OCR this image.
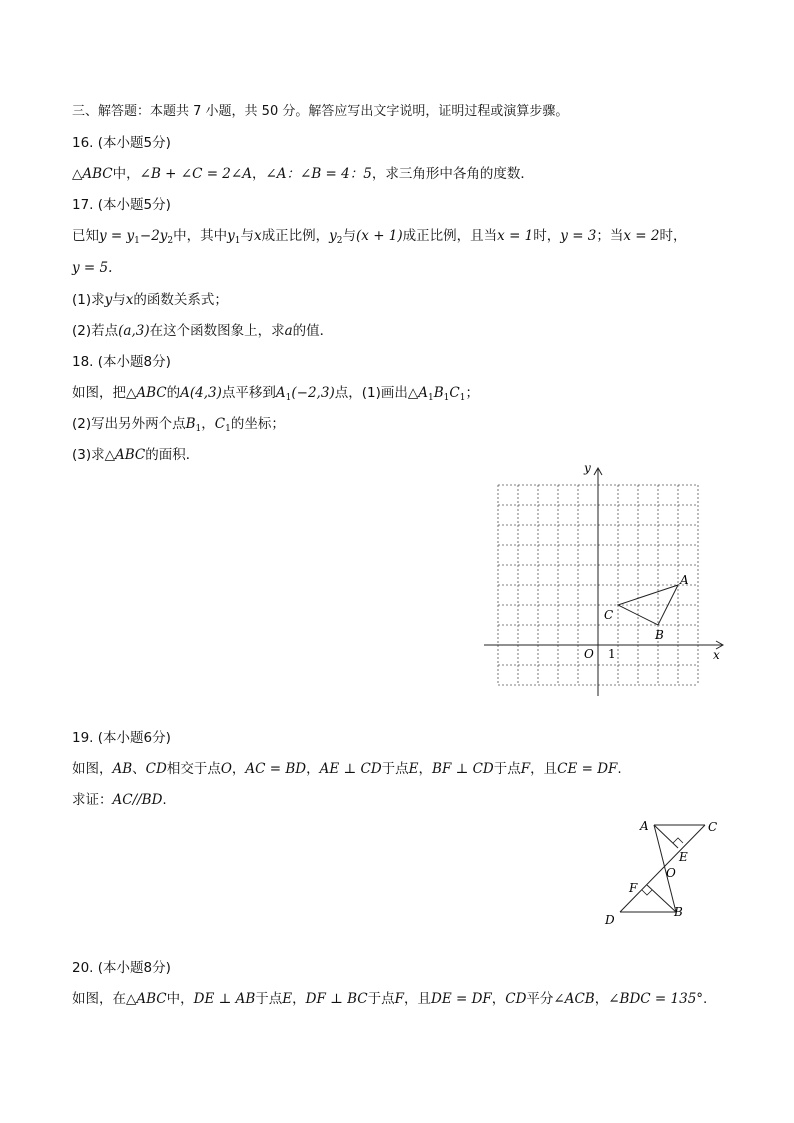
三、解答题：本题共 7 小题，共 50 分。解答应写出文字说明，证明过程或演算步骤。
16. (本小题5分)
△ABC中，∠B + ∠C = 2∠A，∠A：∠B = 4：5，求三角形中各角的度数．
17. (本小题5分)
已知$y = y_1-2y_2$中，其中$y_1$与x成正比例，$y_2$与(x + 1)成正比例，且当x = 1时，y = 3；当x = 2时，
y = 5.
(1)求y与x的函数关系式；
(2)若点(a,3)在这个函数图象上，求a的值．
18. (本小题8分)
如图，把△ABC的A(4,3)点平移到$A_1(-2,3)$点，(1)画出$\triangle A_1B_1C_1$；
(2)写出另外两个点$B_1$，$C_1$的坐标；
(3)求△ABC的面积．
x
y
O 1
A
B
C
19. (本小题6分)
如图，AB、CD相交于点O，AC = BD，AE ⊥ CD于点E，BF ⊥ CD于点F，且CE = DF.
求证：AC//BD.
A	C
E
O
F
D
B
20. (本小题8分)
如图，在△ABC中，DE ⊥ AB于点E，DF ⊥ BC于点F，且DE = DF，CD平分∠ACB，∠BDC = 135°.
